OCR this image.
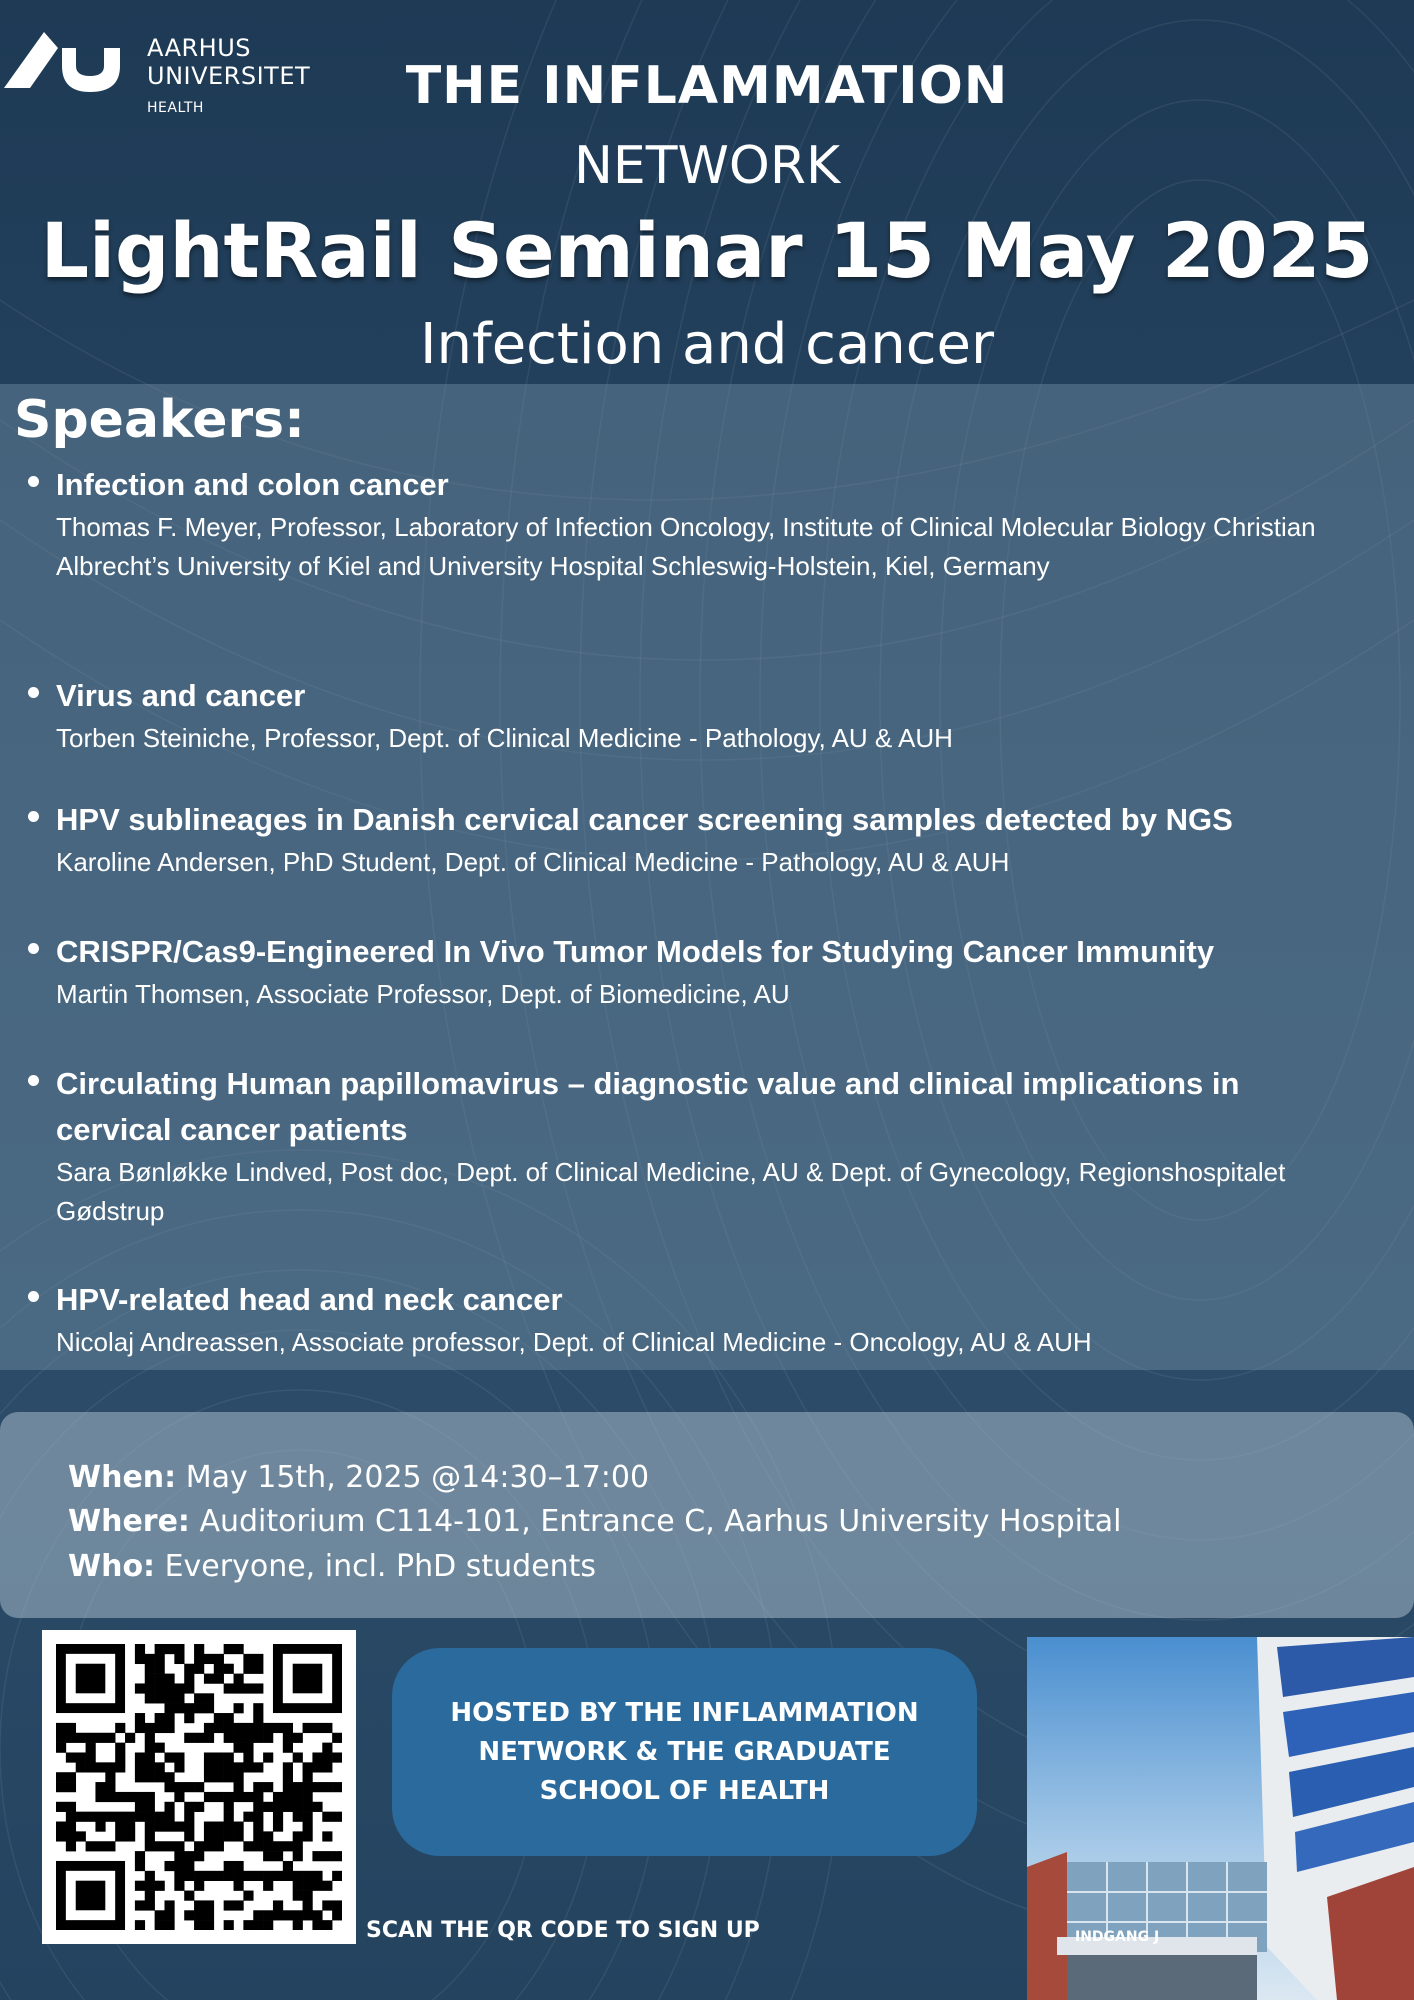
AARHUS
UNIVERSITET
HEALTH	THE INFLAMMATION
NETWORK
LightRail Seminar 15 May 2025
Infection and cancer
Speakers:
Infection and colon cancer
Thomas F. Meyer, Professor, Laboratory of Infection Oncology, Institute of Clinical Molecular Biology Christian Albrecht’s University of Kiel and University Hospital Schleswig-Holstein, Kiel, Germany
Virus and cancer
Torben Steiniche, Professor, Dept. of Clinical Medicine - Pathology, AU & AUH
HPV sublineages in Danish cervical cancer screening samples detected by NGS
Karoline Andersen, PhD Student, Dept. of Clinical Medicine - Pathology, AU & AUH
CRISPR/Cas9-Engineered In Vivo Tumor Models for Studying Cancer Immunity
Martin Thomsen, Associate Professor, Dept. of Biomedicine, AU
Circulating Human papillomavirus – diagnostic value and clinical implications in cervical cancer patients
Sara Bønløkke Lindved, Post doc, Dept. of Clinical Medicine, AU & Dept. of Gynecology, Regionshospitalet Gødstrup
HPV-related head and neck cancer
Nicolaj Andreassen, Associate professor, Dept. of Clinical Medicine - Oncology, AU & AUH
When: May 15th, 2025 @14:30–17:00
Where: Auditorium C114-101, Entrance C, Aarhus University Hospital
Who: Everyone, incl. PhD students
HOSTED BY THE INFLAMMATION NETWORK & THE GRADUATE SCHOOL OF HEALTH
SCAN THE QR CODE TO SIGN UP	INDGANG J
